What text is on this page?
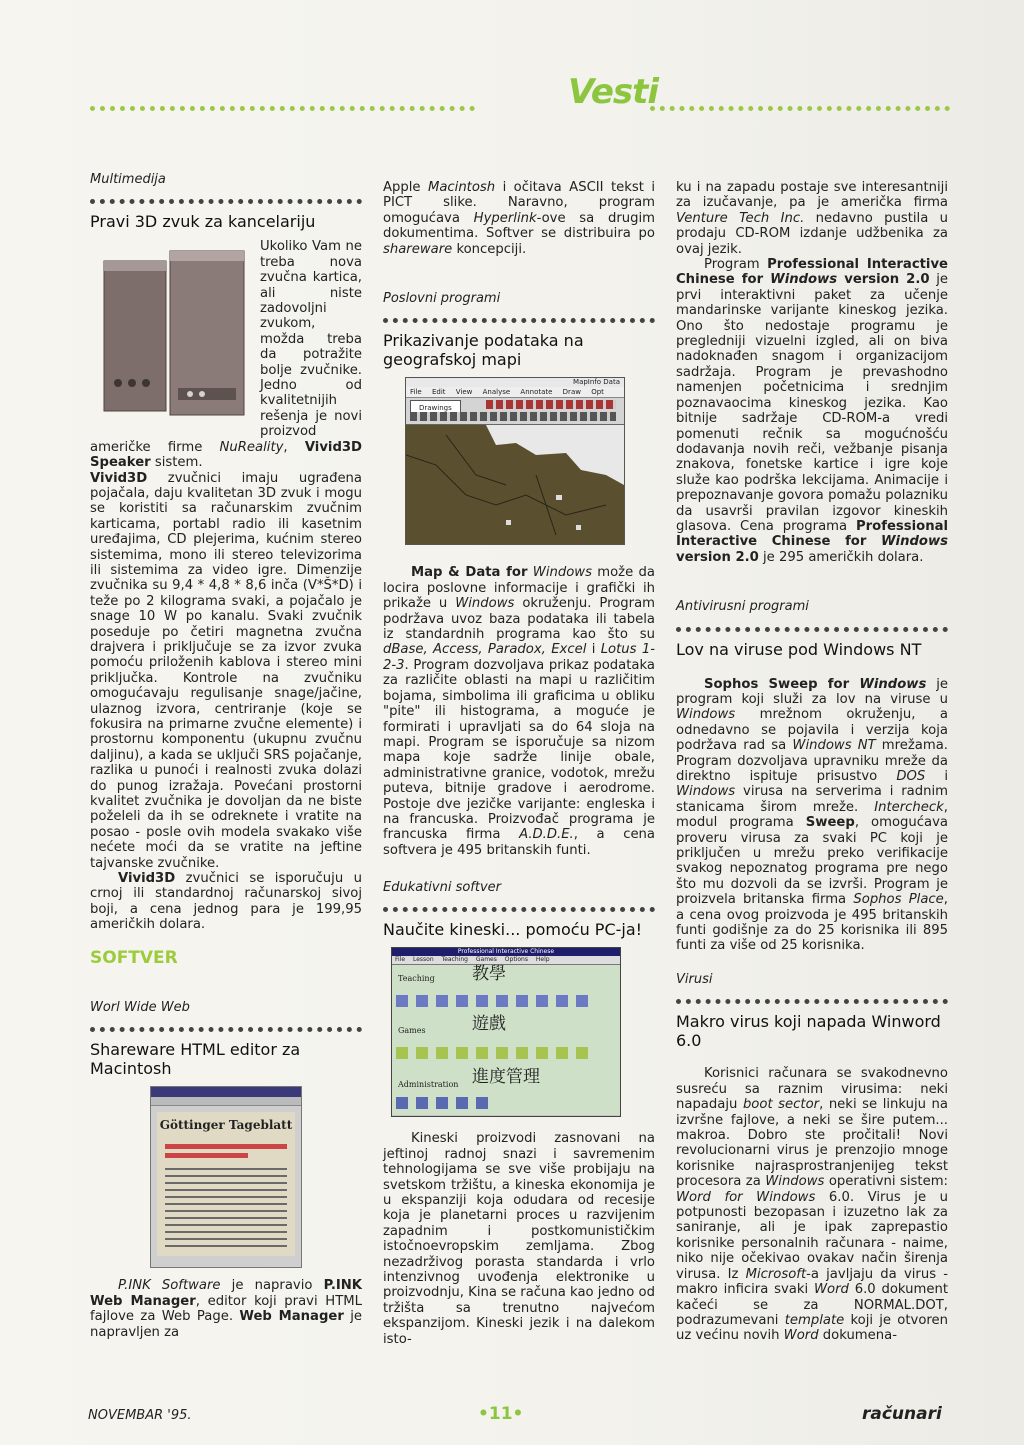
Vesti

Multimedija

Pravi 3D zvuk za kancelariju

Ukoliko Vam ne treba nova zvučna kartica, ali niste zadovoljni zvukom, možda treba da potražite bolje zvučnike. Jedno od kvalitetnijih rešenja je novi proizvod američke firme NuReality, Vivid3D Speaker sistem.

Vivid3D zvučnici imaju ugrađena pojačala, daju kvalitetan 3D zvuk i mogu se koristiti sa računarskim zvučnim karticama, portabl radio ili kasetnim uređajima, CD plejerima, kućnim stereo sistemima, mono ili stereo televizorima ili sistemima za video igre. Dimenzije zvučnika su 9,4 * 4,8 * 8,6 inča (V*Š*D) i teže po 2 kilograma svaki, a pojačalo je snage 10 W po kanalu. Svaki zvučnik poseduje po četiri magnetna zvučna drajvera i priključuje se za izvor zvuka pomoću priloženih kablova i stereo mini priključka. Kontrole na zvučniku omogućavaju regulisanje snage/jačine, ulaznog izvora, centriranje (koje se fokusira na primarne zvučne elemente) i prostornu komponentu (ukupnu zvučnu daljinu), a kada se uključi SRS pojačanje, razlika u punoći i realnosti zvuka dolazi do punog izražaja. Povećani prostorni kvalitet zvučnika je dovoljan da ne biste poželeli da ih se odreknete i vratite na posao - posle ovih modela svakako više nećete moći da se vratite na jeftine tajvanske zvučnike.

Vivid3D zvučnici se isporučuju u crnoj ili standardnoj računarskoj sivoj boji, a cena jednog para je 199,95 američkih dolara.

SOFTVER

Worl Wide Web

Shareware HTML editor za Macintosh
Göttinger Tageblatt

P.INK Software je napravio P.INK Web Manager, editor koji pravi HTML fajlove za Web Page. Web Manager je napravljen za

Apple Macintosh i očitava ASCII tekst i PICT slike. Naravno, program omogućava Hyperlink-ove sa drugim dokumentima. Softver se distribuira po shareware koncepciji.

Poslovni programi

Prikazivanje podataka na geografskoj mapi
MapInfo Data
File Edit View Analyse Annotate Draw Opt
Drawings

Map & Data for Windows može da locira poslovne informacije i grafički ih prikaže u Windows okruženju. Program podržava uvoz baza podataka ili tabela iz standardnih programa kao što su dBase, Access, Paradox, Excel i Lotus 1-2-3. Program dozvoljava prikaz podataka za različite oblasti na mapi u različitim bojama, simbolima ili graficima u obliku "pite" ili histograma, a moguće je formirati i upravljati sa do 64 sloja na mapi. Program se isporučuje sa nizom mapa koje sadrže linije obale, administrativne granice, vodotok, mrežu puteva, bitnije gradove i aerodrome. Postoje dve jezičke varijante: engleska i na francuska. Proizvođač programa je francuska firma A.D.D.E., a cena softvera je 495 britanskih funti.

Edukativni softver

Naučite kineski... pomoću PC-ja!
Professional Interactive Chinese
File Lesson Teaching Games Options Help
Teaching 教學
Games	遊戲
Administration 進度管理

Kineski proizvodi zasnovani na jeftinoj radnoj snazi i savremenim tehnologijama se sve više probijaju na svetskom tržištu, a kineska ekonomija je u ekspanziji koja odudara od recesije koja je planetarni proces u razvijenim zapadnim i postkomunističkim istočnoevropskim zemljama. Zbog nezadrživog porasta standarda i vrlo intenzivnog uvođenja elektronike u proizvodnju, Kina se računa kao jedno od tržišta sa trenutno najvećom ekspanzijom. Kineski jezik i na dalekom isto-

ku i na zapadu postaje sve interesantniji za izučavanje, pa je američka firma Venture Tech Inc. nedavno pustila u prodaju CD-ROM izdanje udžbenika za ovaj jezik.

Program Professional Interactive Chinese for Windows version 2.0 je prvi interaktivni paket za učenje mandarinske varijante kineskog jezika. Ono što nedostaje programu je pregledniji vizuelni izgled, ali on biva nadoknađen snagom i organizacijom sadržaja. Program je prevashodno namenjen početnicima i srednjim poznavaocima kineskog jezika. Kao bitnije sadržaje CD-ROM-a vredi pomenuti rečnik sa mogućnošću dodavanja novih reči, vežbanje pisanja znakova, fonetske kartice i igre koje služe kao podrška lekcijama. Animacije i prepoznavanje govora pomažu polazniku da usavrši pravilan izgovor kineskih glasova. Cena programa Professional Interactive Chinese for Windows version 2.0 je 295 američkih dolara.

Antivirusni programi

Lov na viruse pod Windows NT

Sophos Sweep for Windows je program koji služi za lov na viruse u Windows mrežnom okruženju, a odnedavno se pojavila i verzija koja podržava rad sa Windows NT mrežama. Program dozvoljava upravniku mreže da direktno ispituje prisustvo DOS i Windows virusa na serverima i radnim stanicama širom mreže. Intercheck, modul programa Sweep, omogućava proveru virusa za svaki PC koji je priključen u mrežu preko verifikacije svakog nepoznatog programa pre nego što mu dozvoli da se izvrši. Program je proizvela britanska firma Sophos Place, a cena ovog proizvoda je 495 britanskih funti godišnje za do 25 korisnika ili 895 funti za više od 25 korisnika.

Virusi

Makro virus koji napada Winword 6.0

Korisnici računara se svakodnevno susreću sa raznim virusima: neki napadaju boot sector, neki se linkuju na izvršne fajlove, a neki se šire putem... makroa. Dobro ste pročitali! Novi revolucionarni virus je prenzojio mnoge korisnike najrasprostranjenijeg tekst procesora za Windows operativni sistem: Word for Windows 6.0. Virus je u potpunosti bezopasan i izuzetno lak za saniranje, ali je ipak zaprepastio korisnike personalnih računara - naime, niko nije očekivao ovakav način širenja virusa. Iz Microsoft-a javljaju da virus - makro inficira svaki Word 6.0 dokument kačeći se za NORMAL.DOT, podrazumevani template koji je otvoren uz većinu novih Word dokumena-

NOVEMBAR '95.	•11•	računari
